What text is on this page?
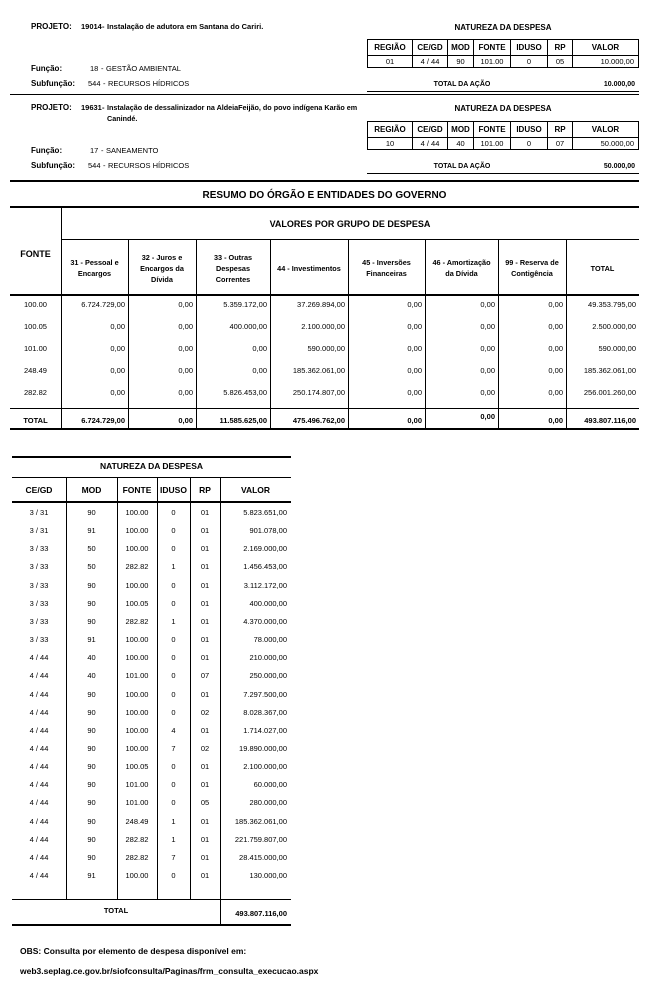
PROJETO: 19014 - Instalação de adutora em Santana do Cariri.
Função:	18 - GESTÃO AMBIENTAL
Subfunção: 544 - RECURSOS HÍDRICOS
NATUREZA DA DESPESA
REGIÃO	CE/GD	MOD	FONTE	IDUSO	RP	VALOR
01	4 / 44	90	101.00	0	05	10.000,00
TOTAL DA AÇÃO	10.000,00
PROJETO: 19631 - Instalação de dessalinizador na AldeiaFeijão, do povo indígena Karão em
Canindé.
Função:	17 - SANEAMENTO
Subfunção: 544 - RECURSOS HÍDRICOS
NATUREZA DA DESPESA
REGIÃO	CE/GD	MOD	FONTE	IDUSO	RP	VALOR
10	4 / 44	40	101.00	0	07	50.000,00
TOTAL DA AÇÃO	50.000,00
RESUMO DO ÓRGÃO E ENTIDADES DO GOVERNO
VALORES POR GRUPO DE DESPESA
FONTE
31 - Pessoal e Encargos
32 - Juros e Encargos da Dívida
33 - Outras Despesas Correntes
44 - Investimentos
45 - Inversões Financeiras
46 - Amortização da Dívida
99 - Reserva de Contigência
TOTAL
100.00	6.724.729,00	0,00	5.359.172,00	37.269.894,00	0,00	0,00	0,00	49.353.795,00
100.05	0,00	0,00	400.000,00	2.100.000,00	0,00	0,00	0,00	2.500.000,00
101.00	0,00	0,00	0,00	590.000,00	0,00	0,00	0,00	590.000,00
248.49	0,00	0,00	0,00	185.362.061,00	0,00	0,00	0,00	185.362.061,00
282.82	0,00	0,00	5.826.453,00	250.174.807,00	0,00	0,00	0,00	256.001.260,00
TOTAL	6.724.729,00	0,00	11.585.625,00	475.496.762,00	0,00	0,00	0,00	493.807.116,00
NATUREZA DA DESPESA
CE/GD	MOD	FONTE	IDUSO	RP	VALOR
3 / 31	90	100.00	0	01	5.823.651,00
3 / 31	91	100.00	0	01	901.078,00
3 / 33	50	100.00	0	01	2.169.000,00
3 / 33	50	282.82	1	01	1.456.453,00
3 / 33	90	100.00	0	01	3.112.172,00
3 / 33	90	100.05	0	01	400.000,00
3 / 33	90	282.82	1	01	4.370.000,00
3 / 33	91	100.00	0	01	78.000,00
4 / 44	40	100.00	0	01	210.000,00
4 / 44	40	101.00	0	07	250.000,00
4 / 44	90	100.00	0	01	7.297.500,00
4 / 44	90	100.00	0	02	8.028.367,00
4 / 44	90	100.00	4	01	1.714.027,00
4 / 44	90	100.00	7	02	19.890.000,00
4 / 44	90	100.05	0	01	2.100.000,00
4 / 44	90	101.00	0	01	60.000,00
4 / 44	90	101.00	0	05	280.000,00
4 / 44	90	248.49	1	01	185.362.061,00
4 / 44	90	282.82	1	01	221.759.807,00
4 / 44	90	282.82	7	01	28.415.000,00
4 / 44	91	100.00	0	01	130.000,00
TOTAL	493.807.116,00
OBS: Consulta por elemento de despesa disponível em:
web3.seplag.ce.gov.br/siofconsulta/Paginas/frm_consulta_execucao.aspx
